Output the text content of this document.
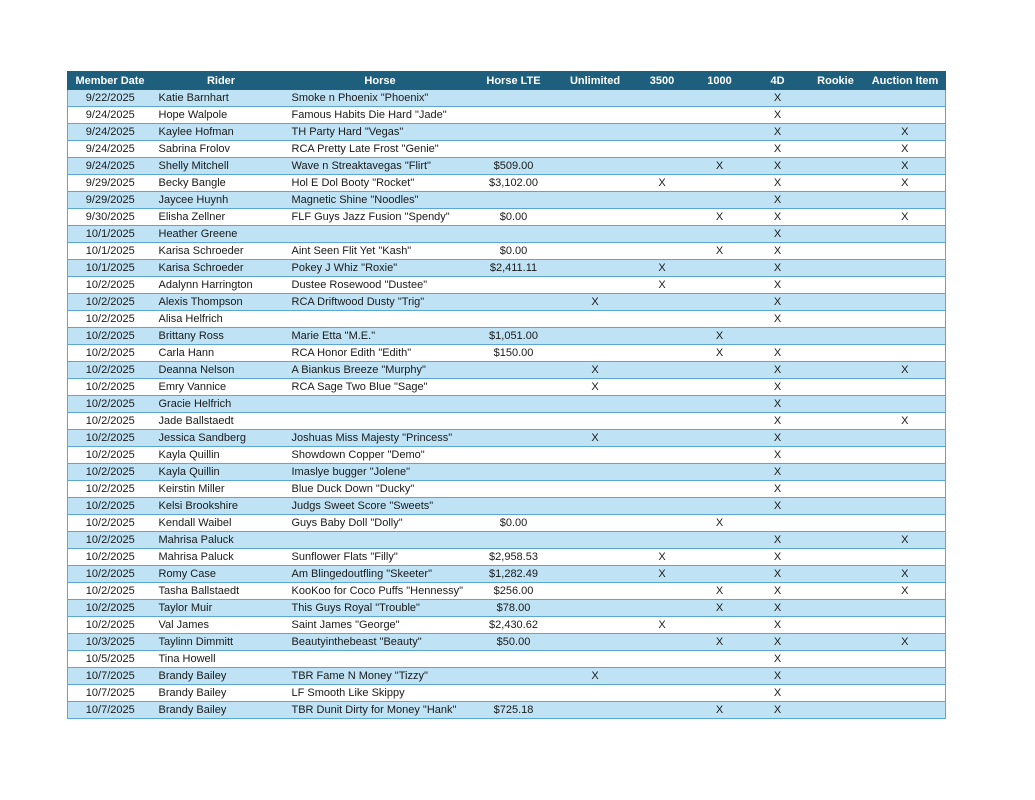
Member Date	Rider	Horse	Horse LTE	Unlimited	3500	1000	4D	Rookie	Auction Item
9/22/2025	Katie Barnhart	Smoke n Phoenix "Phoenix"					X		
9/24/2025	Hope Walpole	Famous Habits Die Hard "Jade"					X		
9/24/2025	Kaylee Hofman	TH Party Hard "Vegas"					X		X
9/24/2025	Sabrina Frolov	RCA Pretty Late Frost "Genie"					X		X
9/24/2025	Shelly Mitchell	Wave n Streaktavegas "Flirt"	$509.00			X	X		X
9/29/2025	Becky Bangle	Hol E Dol Booty "Rocket"	$3,102.00		X		X		X
9/29/2025	Jaycee Huynh	Magnetic Shine "Noodles"					X		
9/30/2025	Elisha Zellner	FLF Guys Jazz Fusion "Spendy"	$0.00			X	X		X
10/1/2025	Heather Greene						X		
10/1/2025	Karisa Schroeder	Aint Seen Flit Yet "Kash"	$0.00			X	X		
10/1/2025	Karisa Schroeder	Pokey J Whiz "Roxie"	$2,411.11		X		X		
10/2/2025	Adalynn Harrington	Dustee Rosewood "Dustee"			X		X		
10/2/2025	Alexis Thompson	RCA Driftwood Dusty "Trig"		X			X		
10/2/2025	Alisa Helfrich						X		
10/2/2025	Brittany Ross	Marie Etta "M.E."	$1,051.00			X			
10/2/2025	Carla Hann	RCA Honor Edith "Edith"	$150.00			X	X		
10/2/2025	Deanna Nelson	A Biankus Breeze "Murphy"		X			X		X
10/2/2025	Emry Vannice	RCA Sage Two Blue "Sage"		X			X		
10/2/2025	Gracie Helfrich						X		
10/2/2025	Jade Ballstaedt						X		X
10/2/2025	Jessica Sandberg	Joshuas Miss Majesty "Princess"		X			X		
10/2/2025	Kayla Quillin	Showdown Copper "Demo"					X		
10/2/2025	Kayla Quillin	Imaslye bugger "Jolene"					X		
10/2/2025	Keirstin Miller	Blue Duck Down "Ducky"					X		
10/2/2025	Kelsi Brookshire	Judgs Sweet Score "Sweets"					X		
10/2/2025	Kendall Waibel	Guys Baby Doll "Dolly"	$0.00			X			
10/2/2025	Mahrisa Paluck						X		X
10/2/2025	Mahrisa Paluck	Sunflower Flats "Filly"	$2,958.53		X		X		
10/2/2025	Romy Case	Am Blingedoutfling "Skeeter"	$1,282.49		X		X		X
10/2/2025	Tasha Ballstaedt	KooKoo for Coco Puffs "Hennessy"	$256.00			X	X		X
10/2/2025	Taylor Muir	This Guys Royal "Trouble"	$78.00			X	X		
10/2/2025	Val James	Saint James "George"	$2,430.62		X		X		
10/3/2025	Taylinn Dimmitt	Beautyinthebeast "Beauty"	$50.00			X	X		X
10/5/2025	Tina Howell						X		
10/7/2025	Brandy Bailey	TBR Fame N Money "Tizzy"		X			X		
10/7/2025	Brandy Bailey	LF Smooth Like Skippy					X		
10/7/2025	Brandy Bailey	TBR Dunit Dirty for Money "Hank"	$725.18			X	X		
